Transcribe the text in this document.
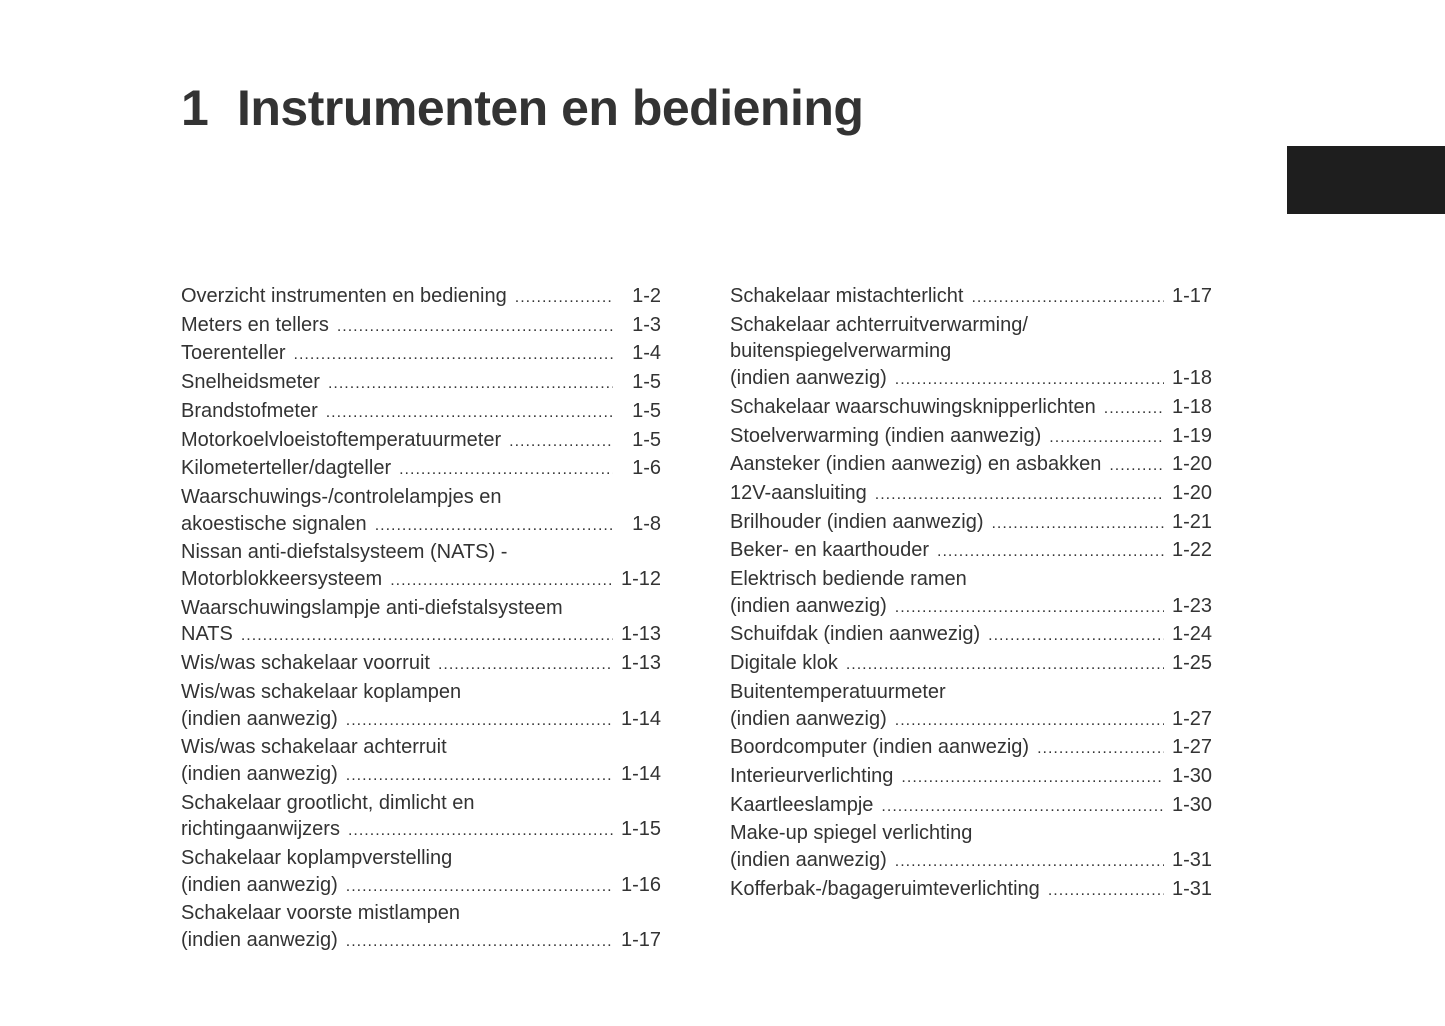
1 Instrumenten en bediening
Overzicht instrumenten en bediening .....	1-2
Meters en tellers .....	1-3
Toerenteller .....	1-4
Snelheidsmeter .....	1-5
Brandstofmeter .....	1-5
Motorkoelvloeistoftemperatuurmeter .....	1-5
Kilometerteller/dagteller .....	1-6
Waarschuwings-/controlelampjes en
akoestische signalen .....	1-8
Nissan anti-diefstalsysteem (NATS) -
Motorblokkeersysteem .....	1-12
Waarschuwingslampje anti-diefstalsysteem
NATS .....	1-13
Wis/was schakelaar voorruit .....	1-13
Wis/was schakelaar koplampen
(indien aanwezig) .....	1-14
Wis/was schakelaar achterruit
(indien aanwezig) .....	1-14
Schakelaar grootlicht, dimlicht en
richtingaanwijzers .....	1-15
Schakelaar koplampverstelling
(indien aanwezig) .....	1-16
Schakelaar voorste mistlampen
(indien aanwezig) .....	1-17
Schakelaar mistachterlicht .....	1-17
Schakelaar achterruitverwarming/
buitenspiegelverwarming
(indien aanwezig) .....	1-18
Schakelaar waarschuwingsknipperlichten .....	1-18
Stoelverwarming (indien aanwezig) .....	1-19
Aansteker (indien aanwezig) en asbakken .....	1-20
12V-aansluiting .....	1-20
Brilhouder (indien aanwezig) .....	1-21
Beker- en kaarthouder .....	1-22
Elektrisch bediende ramen
(indien aanwezig) .....	1-23
Schuifdak (indien aanwezig) .....	1-24
Digitale klok .....	1-25
Buitentemperatuurmeter
(indien aanwezig) .....	1-27
Boordcomputer (indien aanwezig) .....	1-27
Interieurverlichting .....	1-30
Kaartleeslampje .....	1-30
Make-up spiegel verlichting
(indien aanwezig) .....	1-31
Kofferbak-/bagageruimteverlichting .....	1-31
